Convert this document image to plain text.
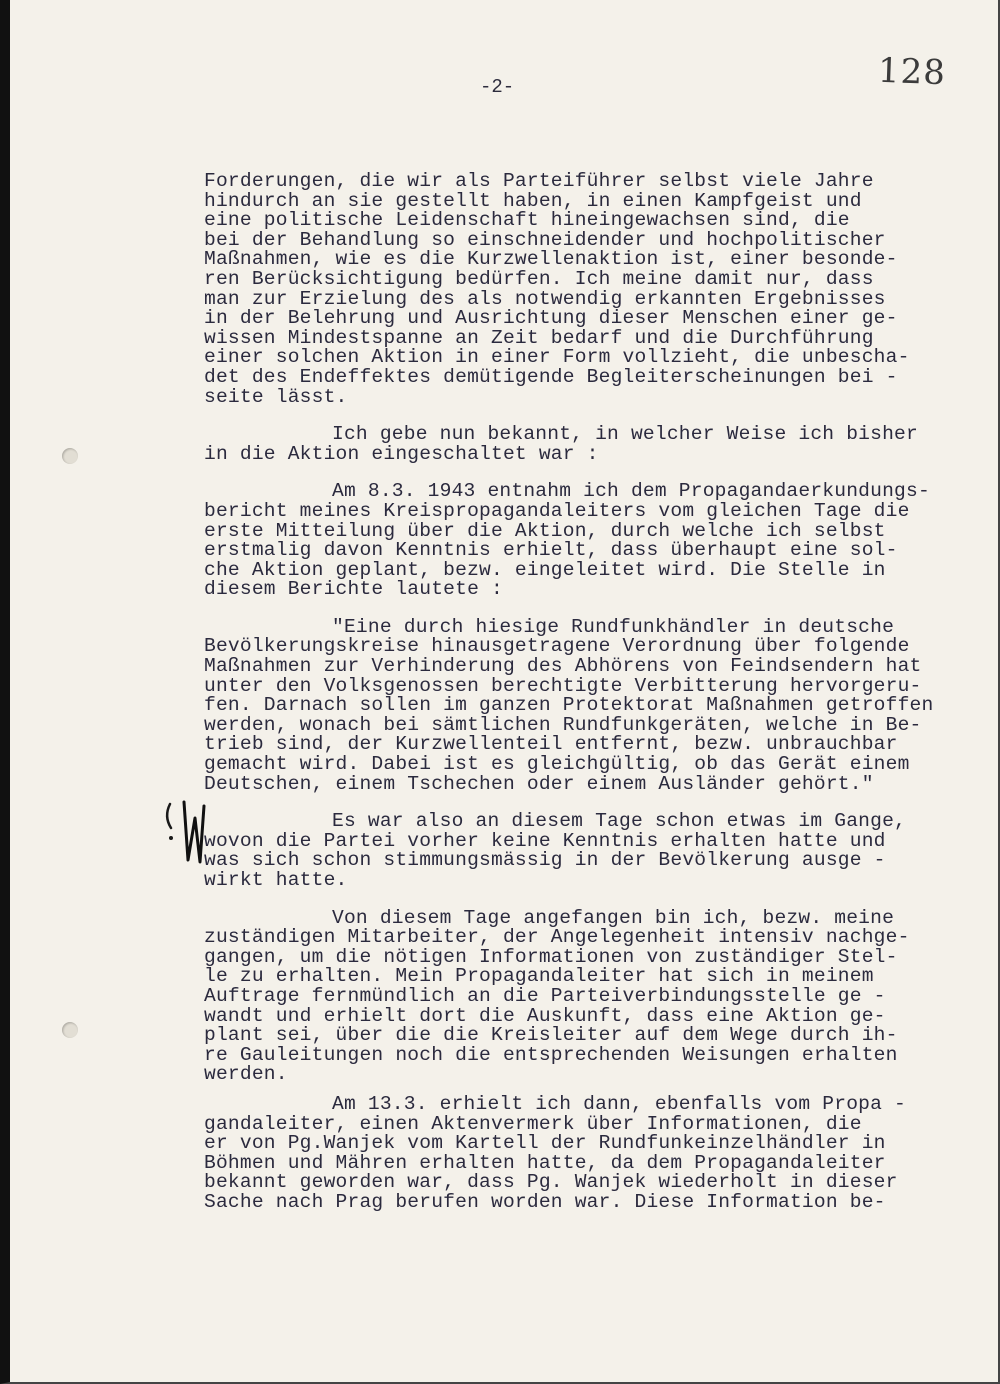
-2-	128

Forderungen, die wir als Parteiführer selbst viele Jahre
hindurch an sie gestellt haben, in einen Kampfgeist und
eine politische Leidenschaft hineingewachsen sind, die
bei der Behandlung so einschneidender und hochpolitischer
Maßnahmen, wie es die Kurzwellenaktion ist, einer besonde-
ren Berücksichtigung bedürfen. Ich meine damit nur, dass
man zur Erzielung des als notwendig erkannten Ergebnisses
in der Belehrung und Ausrichtung dieser Menschen einer ge-
wissen Mindestspanne an Zeit bedarf und die Durchführung
einer solchen Aktion in einer Form vollzieht, die unbescha-
det des Endeffektes demütigende Begleiterscheinungen bei -
seite lässt.

Ich gebe nun bekannt, in welcher Weise ich bisher
in die Aktion eingeschaltet war :

Am 8.3. 1943 entnahm ich dem Propagandaerkundungs-
bericht meines Kreispropagandaleiters vom gleichen Tage die
erste Mitteilung über die Aktion, durch welche ich selbst
erstmalig davon Kenntnis erhielt, dass überhaupt eine sol-
che Aktion geplant, bezw. eingeleitet wird. Die Stelle in
diesem Berichte lautete :

"Eine durch hiesige Rundfunkhändler in deutsche
Bevölkerungskreise hinausgetragene Verordnung über folgende
Maßnahmen zur Verhinderung des Abhörens von Feindsendern hat
unter den Volksgenossen berechtigte Verbitterung hervorgeru-
fen. Darnach sollen im ganzen Protektorat Maßnahmen getroffen
werden, wonach bei sämtlichen Rundfunkgeräten, welche in Be-
trieb sind, der Kurzwellenteil entfernt, bezw. unbrauchbar
gemacht wird. Dabei ist es gleichgültig, ob das Gerät einem
Deutschen, einem Tschechen oder einem Ausländer gehört."

Es war also an diesem Tage schon etwas im Gange,
wovon die Partei vorher keine Kenntnis erhalten hatte und
was sich schon stimmungsmässig in der Bevölkerung ausge -
wirkt hatte.

Von diesem Tage angefangen bin ich, bezw. meine
zuständigen Mitarbeiter, der Angelegenheit intensiv nachge-
gangen, um die nötigen Informationen von zuständiger Stel-
le zu erhalten. Mein Propagandaleiter hat sich in meinem
Auftrage fernmündlich an die Parteiverbindungsstelle ge -
wandt und erhielt dort die Auskunft, dass eine Aktion ge-
plant sei, über die die Kreisleiter auf dem Wege durch ih-
re Gauleitungen noch die entsprechenden Weisungen erhalten
werden.

Am 13.3. erhielt ich dann, ebenfalls vom Propa -
gandaleiter, einen Aktenvermerk über Informationen, die
er von Pg.Wanjek vom Kartell der Rundfunkeinzelhändler in
Böhmen und Mähren erhalten hatte, da dem Propagandaleiter
bekannt geworden war, dass Pg. Wanjek wiederholt in dieser
Sache nach Prag berufen worden war. Diese Information be-
